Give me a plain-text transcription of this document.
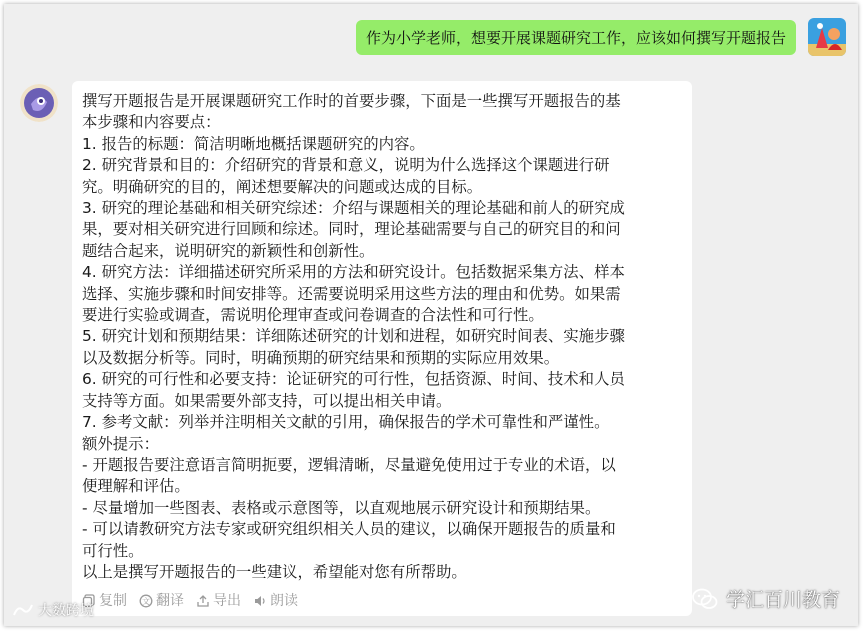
作为小学老师，想要开展课题研究工作，应该如何撰写开题报告
撰写开题报告是开展课题研究工作时的首要步骤，下面是一些撰写开题报告的基
本步骤和内容要点：
1. 报告的标题：简洁明晰地概括课题研究的内容。
2. 研究背景和目的：介绍研究的背景和意义，说明为什么选择这个课题进行研
究。明确研究的目的，阐述想要解决的问题或达成的目标。
3. 研究的理论基础和相关研究综述：介绍与课题相关的理论基础和前人的研究成
果，要对相关研究进行回顾和综述。同时，理论基础需要与自己的研究目的和问
题结合起来，说明研究的新颖性和创新性。
4. 研究方法：详细描述研究所采用的方法和研究设计。包括数据采集方法、样本
选择、实施步骤和时间安排等。还需要说明采用这些方法的理由和优势。如果需
要进行实验或调查，需说明伦理审查或问卷调查的合法性和可行性。
5. 研究计划和预期结果：详细陈述研究的计划和进程，如研究时间表、实施步骤
以及数据分析等。同时，明确预期的研究结果和预期的实际应用效果。
6. 研究的可行性和必要支持：论证研究的可行性，包括资源、时间、技术和人员
支持等方面。如果需要外部支持，可以提出相关申请。
7. 参考文献：列举并注明相关文献的引用，确保报告的学术可靠性和严谨性。
额外提示：
- 开题报告要注意语言简明扼要，逻辑清晰，尽量避免使用过于专业的术语，以
便理解和评估。
- 尽量增加一些图表、表格或示意图等，以直观地展示研究设计和预期结果。
- 可以请教研究方法专家或研究组织相关人员的建议，以确保开题报告的质量和
可行性。
以上是撰写开题报告的一些建议，希望能对您有所帮助。
复制 文 翻译 导出 朗读	学汇百川教育
大数跨境
